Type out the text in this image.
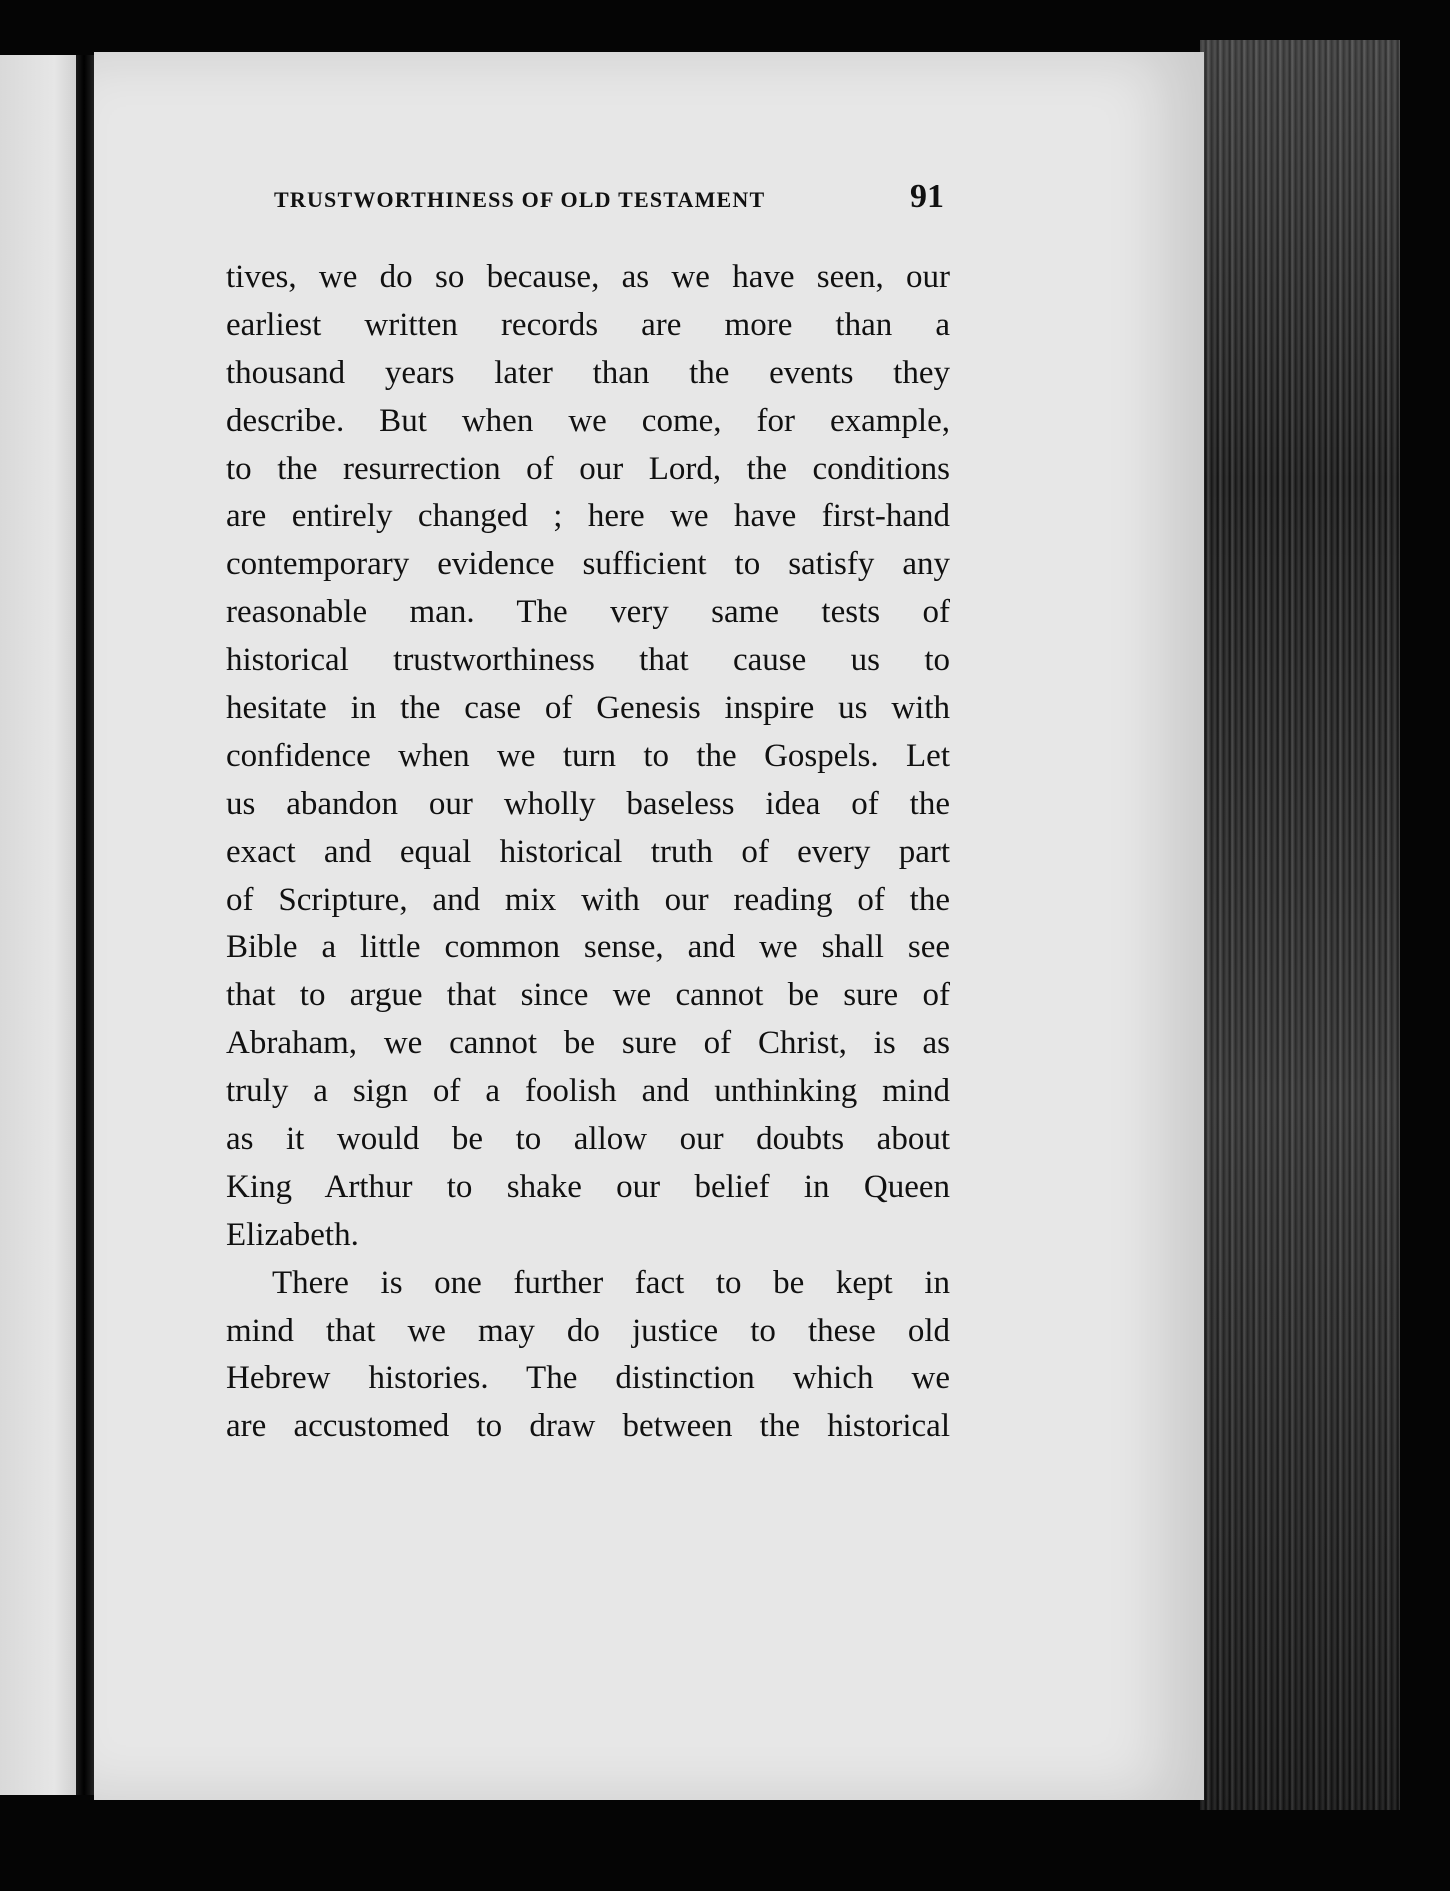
TRUSTWORTHINESS OF OLD TESTAMENT	91
tives, we do so because, as we have seen, our
earliest written records are more than a
thousand years later than the events they
describe. But when we come, for example,
to the resurrection of our Lord, the conditions
are entirely changed ; here we have first-hand
contemporary evidence sufficient to satisfy any
reasonable man. The very same tests of
historical trustworthiness that cause us to
hesitate in the case of Genesis inspire us with
confidence when we turn to the Gospels. Let
us abandon our wholly baseless idea of the
exact and equal historical truth of every part
of Scripture, and mix with our reading of the
Bible a little common sense, and we shall see
that to argue that since we cannot be sure of
Abraham, we cannot be sure of Christ, is as
truly a sign of a foolish and unthinking mind
as it would be to allow our doubts about
King Arthur to shake our belief in Queen
Elizabeth.
There is one further fact to be kept in
mind that we may do justice to these old
Hebrew histories. The distinction which we
are accustomed to draw between the historical
